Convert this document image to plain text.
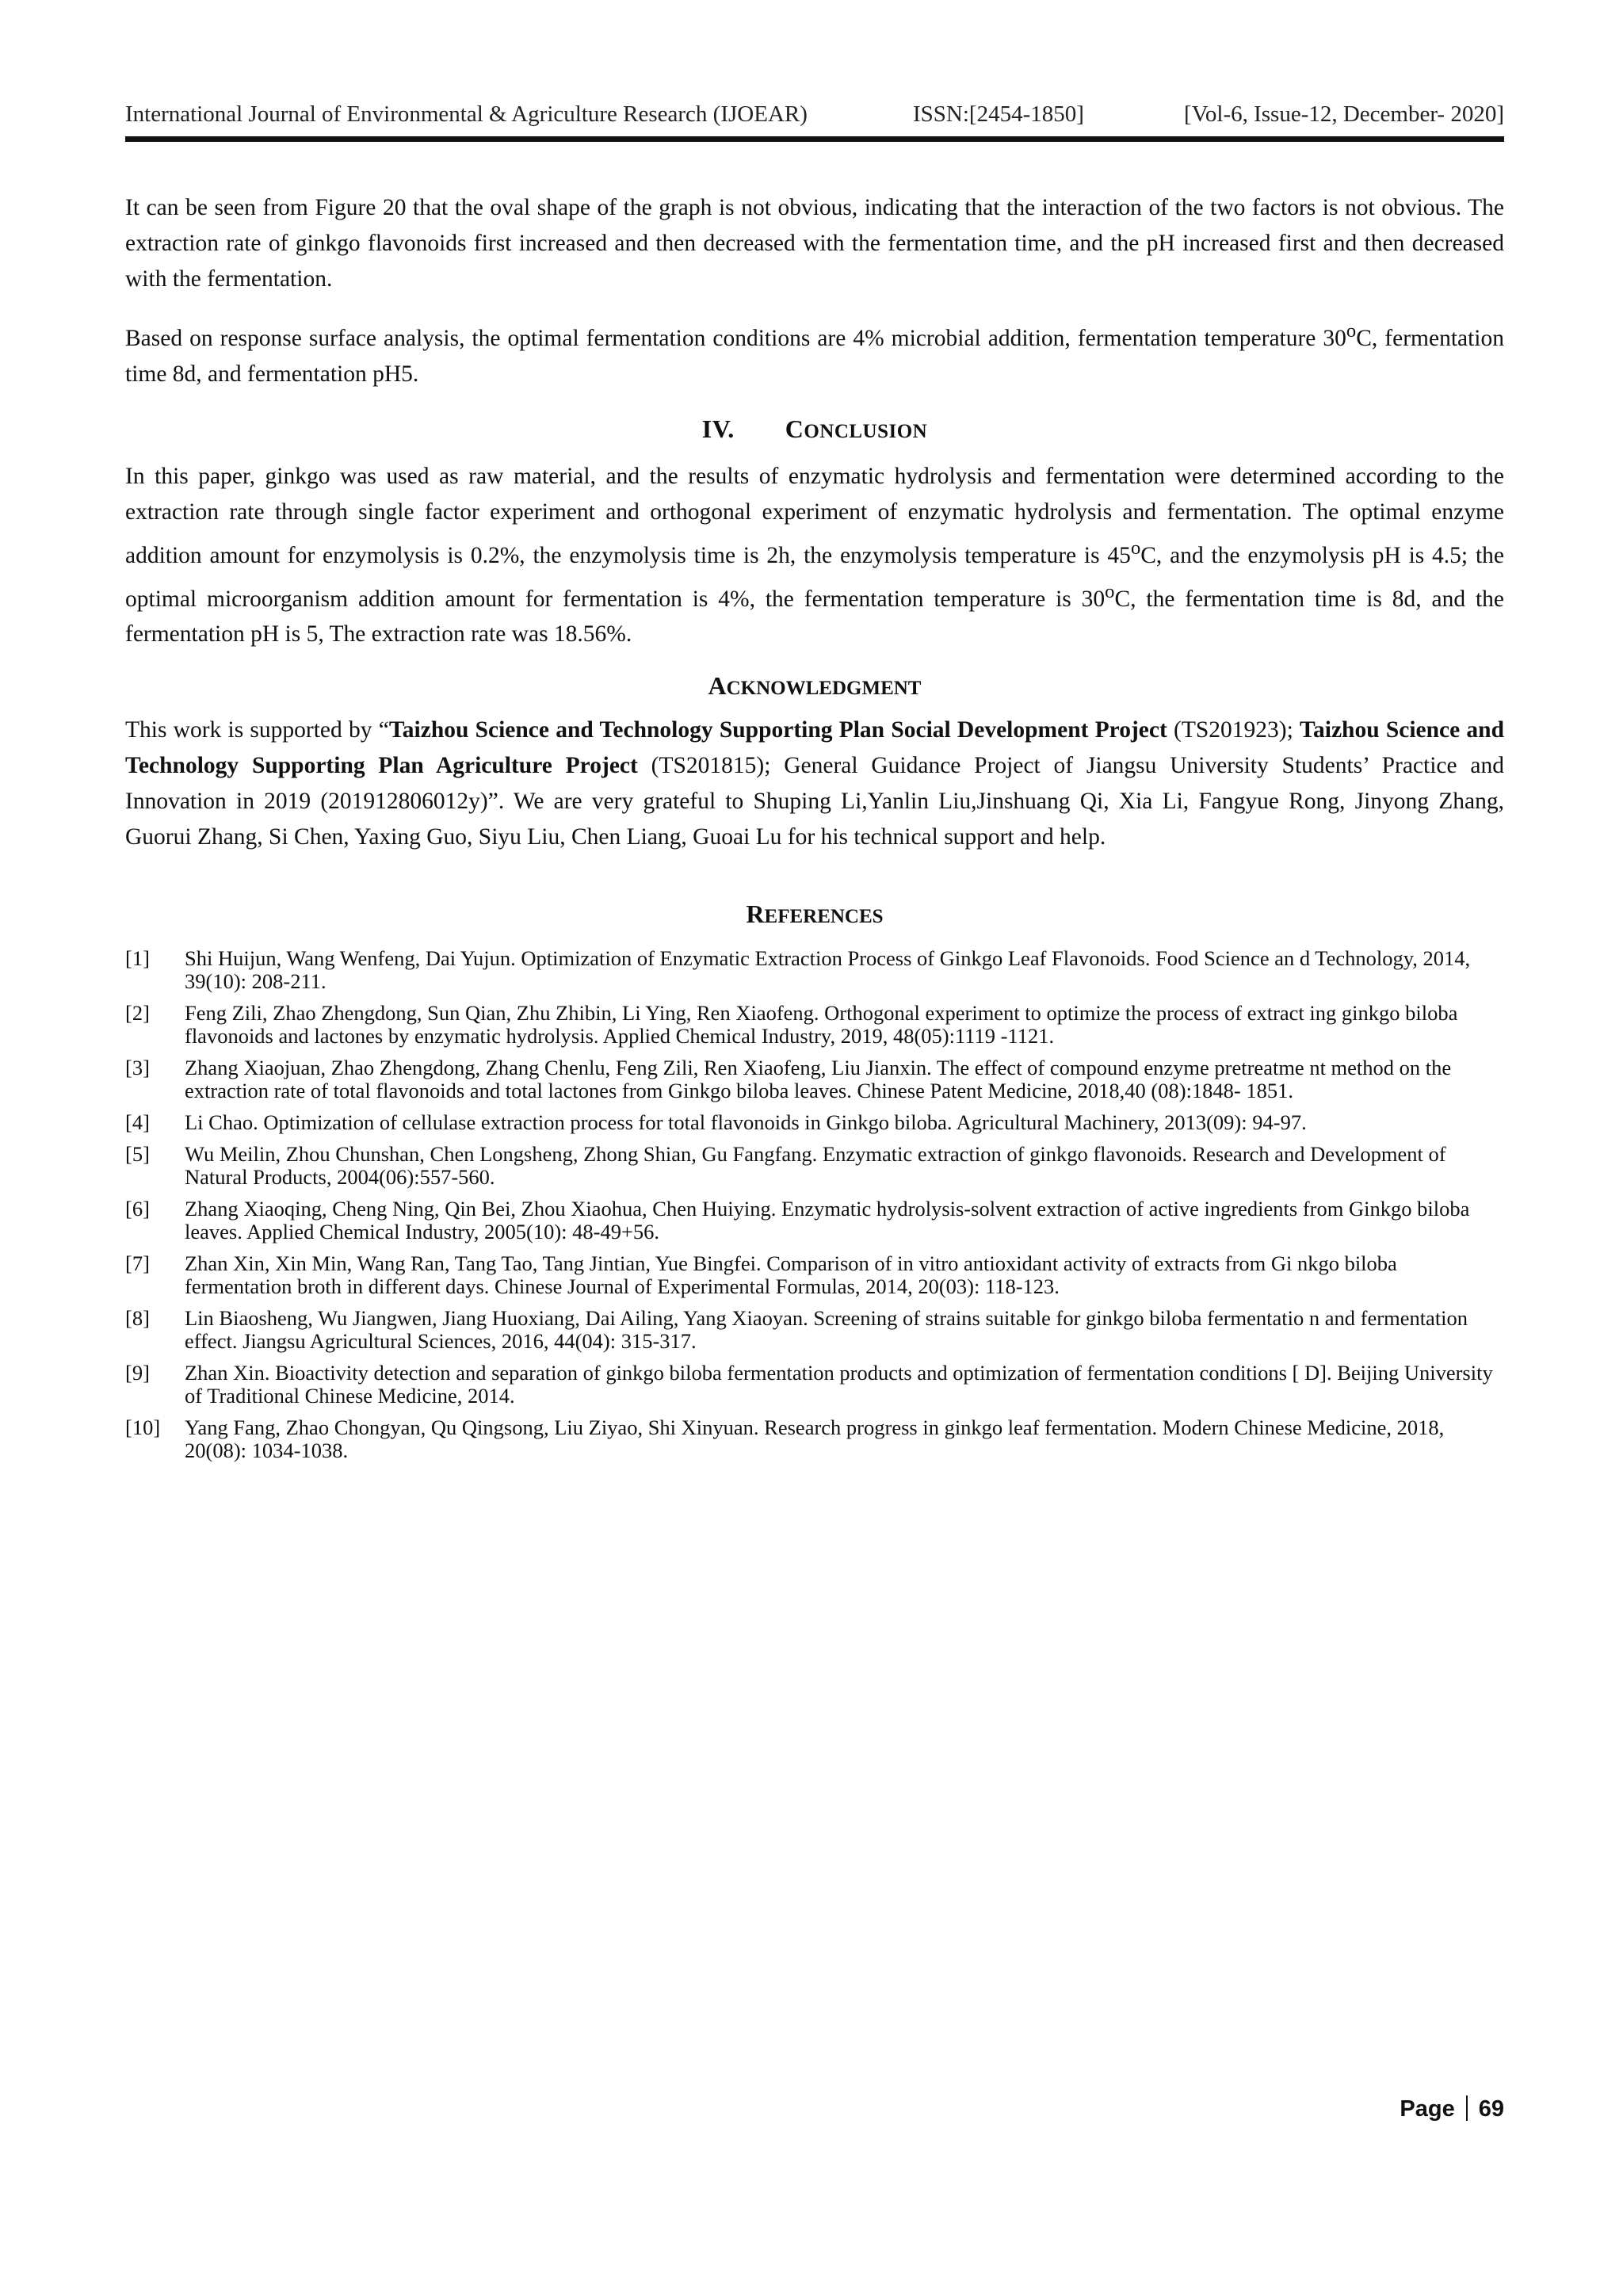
International Journal of Environmental & Agriculture Research (IJOEAR)	ISSN:[2454-1850]	[Vol-6, Issue-12, December- 2020]

It can be seen from Figure 20 that the oval shape of the graph is not obvious, indicating that the interaction of the two factors is not obvious. The extraction rate of ginkgo flavonoids first increased and then decreased with the fermentation time, and the pH increased first and then decreased with the fermentation.

Based on response surface analysis, the optimal fermentation conditions are 4% microbial addition, fermentation temperature 30$^o$C, fermentation time 8d, and fermentation pH5.

IV. CONCLUSION

In this paper, ginkgo was used as raw material, and the results of enzymatic hydrolysis and fermentation were determined according to the extraction rate through single factor experiment and orthogonal experiment of enzymatic hydrolysis and fermentation. The optimal enzyme addition amount for enzymolysis is 0.2%, the enzymolysis time is 2h, the enzymolysis temperature is 45$^o$C, and the enzymolysis pH is 4.5; the optimal microorganism addition amount for fermentation is 4%, the fermentation temperature is 30$^o$C, the fermentation time is 8d, and the fermentation pH is 5, The extraction rate was 18.56%.

ACKNOWLEDGMENT

This work is supported by “Taizhou Science and Technology Supporting Plan Social Development Project (TS201923); Taizhou Science and Technology Supporting Plan Agriculture Project (TS201815); General Guidance Project of Jiangsu University Students’ Practice and Innovation in 2019 (201912806012y)”. We are very grateful to Shuping Li,Yanlin Liu,Jinshuang Qi, Xia Li, Fangyue Rong, Jinyong Zhang, Guorui Zhang, Si Chen, Yaxing Guo, Siyu Liu, Chen Liang, Guoai Lu for his technical support and help.

REFERENCES
[1] Shi Huijun, Wang Wenfeng, Dai Yujun. Optimization of Enzymatic Extraction Process of Ginkgo Leaf Flavonoids. Food Science an d Technology, 2014, 39(10): 208-211.
[2] Feng Zili, Zhao Zhengdong, Sun Qian, Zhu Zhibin, Li Ying, Ren Xiaofeng. Orthogonal experiment to optimize the process of extract ing ginkgo biloba flavonoids and lactones by enzymatic hydrolysis. Applied Chemical Industry, 2019, 48(05):1119 -1121.
[3] Zhang Xiaojuan, Zhao Zhengdong, Zhang Chenlu, Feng Zili, Ren Xiaofeng, Liu Jianxin. The effect of compound enzyme pretreatme nt method on the extraction rate of total flavonoids and total lactones from Ginkgo biloba leaves. Chinese Patent Medicine, 2018,40 (08):1848- 1851.
[4] Li Chao. Optimization of cellulase extraction process for total flavonoids in Ginkgo biloba. Agricultural Machinery, 2013(09): 94-97.
[5] Wu Meilin, Zhou Chunshan, Chen Longsheng, Zhong Shian, Gu Fangfang. Enzymatic extraction of ginkgo flavonoids. Research and Development of Natural Products, 2004(06):557-560.
[6] Zhang Xiaoqing, Cheng Ning, Qin Bei, Zhou Xiaohua, Chen Huiying. Enzymatic hydrolysis-solvent extraction of active ingredients from Ginkgo biloba leaves. Applied Chemical Industry, 2005(10): 48-49+56.
[7] Zhan Xin, Xin Min, Wang Ran, Tang Tao, Tang Jintian, Yue Bingfei. Comparison of in vitro antioxidant activity of extracts from Gi nkgo biloba fermentation broth in different days. Chinese Journal of Experimental Formulas, 2014, 20(03): 118-123.
[8] Lin Biaosheng, Wu Jiangwen, Jiang Huoxiang, Dai Ailing, Yang Xiaoyan. Screening of strains suitable for ginkgo biloba fermentatio n and fermentation effect. Jiangsu Agricultural Sciences, 2016, 44(04): 315-317.
[9] Zhan Xin. Bioactivity detection and separation of ginkgo biloba fermentation products and optimization of fermentation conditions [ D]. Beijing University of Traditional Chinese Medicine, 2014.
[10] Yang Fang, Zhao Chongyan, Qu Qingsong, Liu Ziyao, Shi Xinyuan. Research progress in ginkgo leaf fermentation. Modern Chinese Medicine, 2018, 20(08): 1034-1038.
Page 69
